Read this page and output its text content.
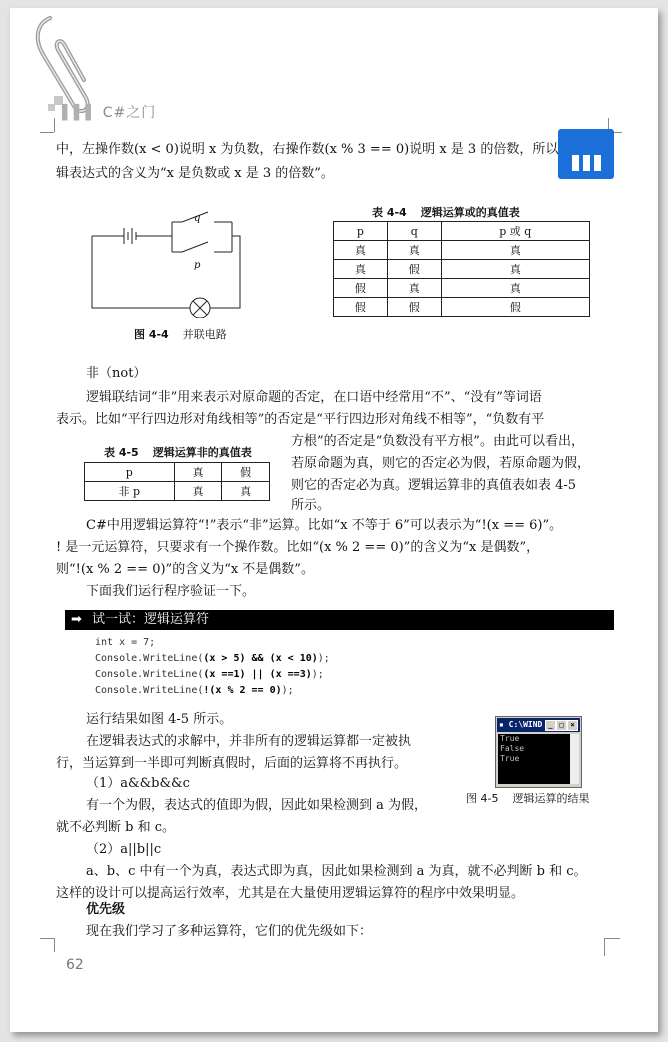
▌▌▌ C#之门
中，左操作数(x < 0)说明 x 为负数，右操作数(x % 3 == 0)说明 x 是 3 的倍数，所以
辑表达式的含义为“x 是负数或 x 是 3 的倍数”。
q
p
图 4-4 并联电路
表 4-4 逻辑运算或的真值表
p	q	p 或 q
真	真	真
真	假	真
假	真	真
假	假	假
非（not）
逻辑联结词“非”用来表示对原命题的否定，在口语中经常用“不”、“没有”等词语
表示。比如“平行四边形对角线相等”的否定是“平行四边形对角线不相等”，“负数有平
方根”的否定是“负数没有平方根”。由此可以看出，
若原命题为真，则它的否定必为假，若原命题为假，
则它的否定必为真。逻辑运算非的真值表如表 4-5
所示。
表 4-5 逻辑运算非的真值表
p	真	假
非 p	真	真
C#中用逻辑运算符“!”表示“非”运算。比如“x 不等于 6”可以表示为“!(x == 6)”。
! 是一元运算符，只要求有一个操作数。比如“(x % 2 == 0)”的含义为“x 是偶数”，
则“!(x % 2 == 0)”的含义为“x 不是偶数”。
下面我们运行程序验证一下。
➡ 试一试：逻辑运算符
int x = 7;
Console.WriteLine((x > 5) && (x < 10));
Console.WriteLine((x ==1) || (x ==3));
Console.WriteLine(!(x % 2 == 0));
运行结果如图 4-5 所示。
在逻辑表达式的求解中，并非所有的逻辑运算都一定被执
行，当运算到一半即可判断真假时，后面的运算将不再执行。
（1）a&&b&&c
有一个为假，表达式的值即为假，因此如果检测到 a 为假，
就不必判断 b 和 c。
（2）a||b||c
a、b、c 中有一个为真，表达式即为真，因此如果检测到 a 为真，就不必判断 b 和 c。
这样的设计可以提高运行效率，尤其是在大量使用逻辑运算符的程序中效果明显。
▪ C:\WIND _ □ ×
True
False
True
图 4-5 逻辑运算的结果
优先级
现在我们学习了多种运算符，它们的优先级如下：
62
